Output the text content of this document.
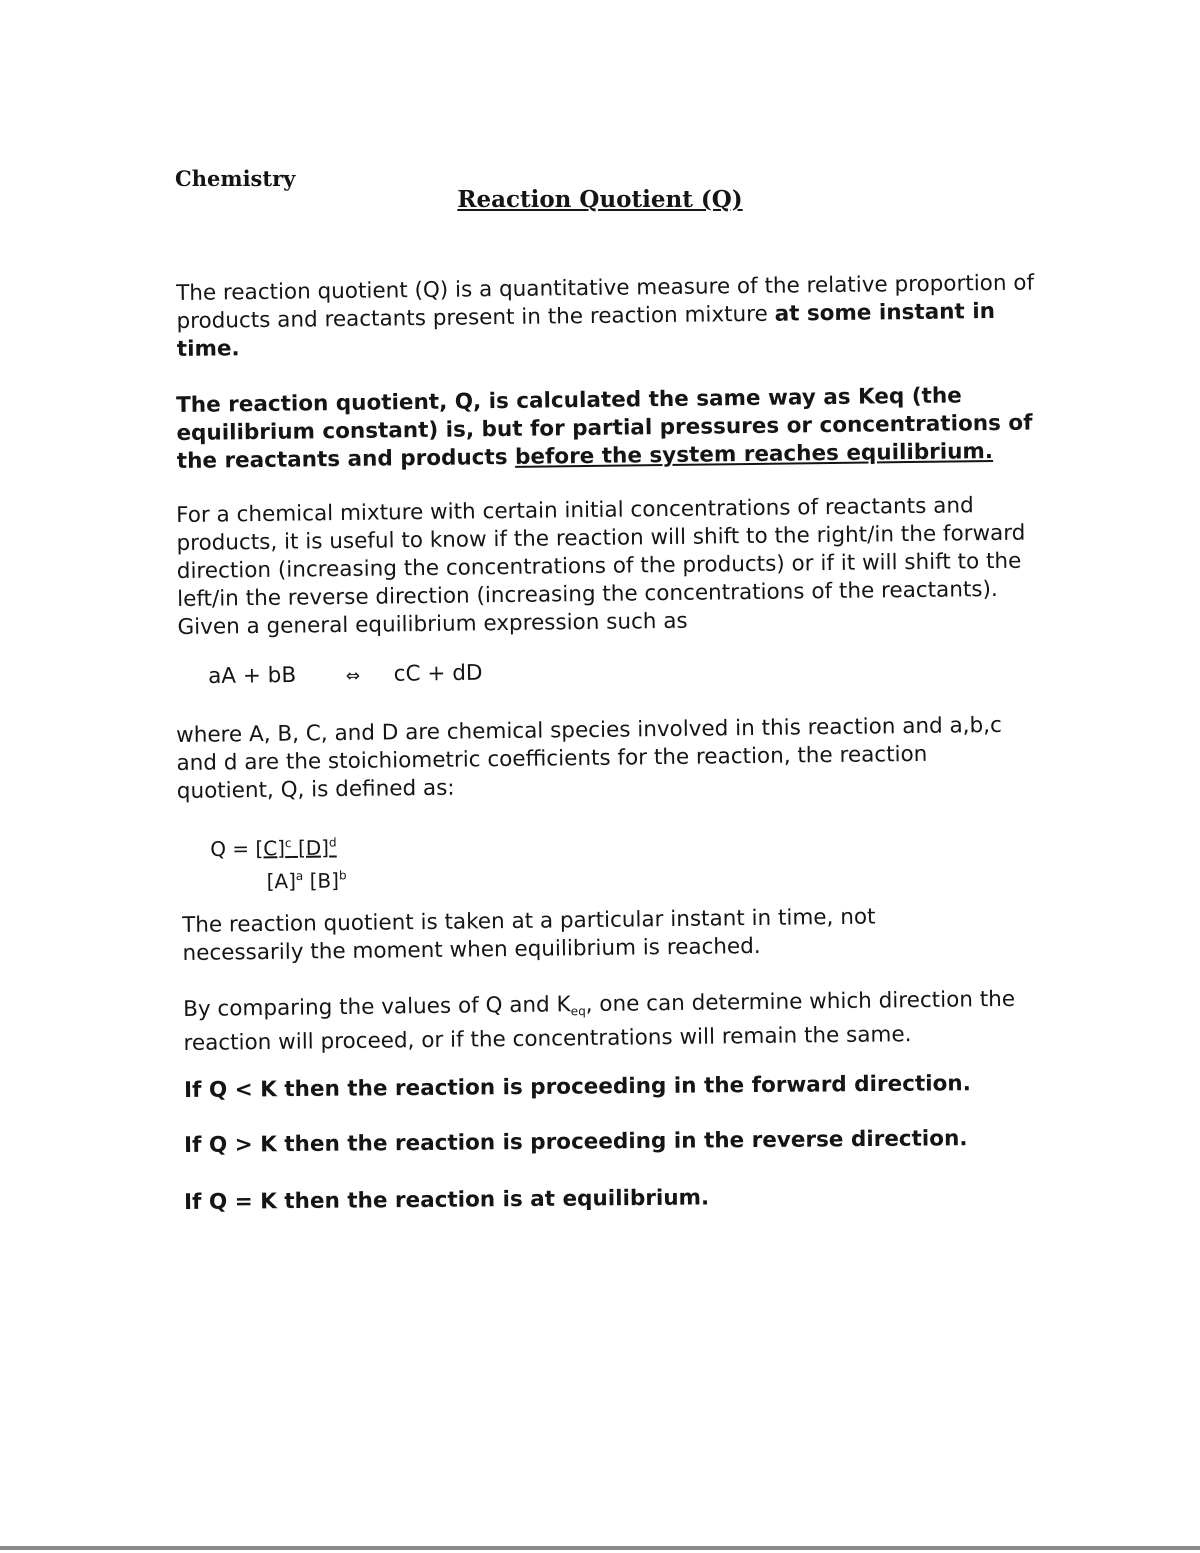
Chemistry
Reaction Quotient (Q)
The reaction quotient (Q) is a quantitative measure of the relative proportion of products and reactants present in the reaction mixture at some instant in time.
The reaction quotient, Q, is calculated the same way as Keq (the equilibrium constant) is, but for partial pressures or concentrations of the reactants and products before the system reaches equilibrium.
For a chemical mixture with certain initial concentrations of reactants and products, it is useful to know if the reaction will shift to the right/in the forward direction (increasing the concentrations of the products) or if it will shift to the left/in the reverse direction (increasing the concentrations of the reactants). Given a general equilibrium expression such as
aA + bB	⇔ cC + dD
where A, B, C, and D are chemical species involved in this reaction and a,b,c and d are the stoichiometric coefficients for the reaction, the reaction quotient, Q, is defined as:
$Q = [C]^c$ $[D]^d$
$[A]^a$ $[B]^b$
The reaction quotient is taken at a particular instant in time, not necessarily the moment when equilibrium is reached.
By comparing the values of Q and $K_{eq}$, one can determine which direction the reaction will proceed, or if the concentrations will remain the same.
If Q < K then the reaction is proceeding in the forward direction.
If Q > K then the reaction is proceeding in the reverse direction.
If Q = K then the reaction is at equilibrium.
